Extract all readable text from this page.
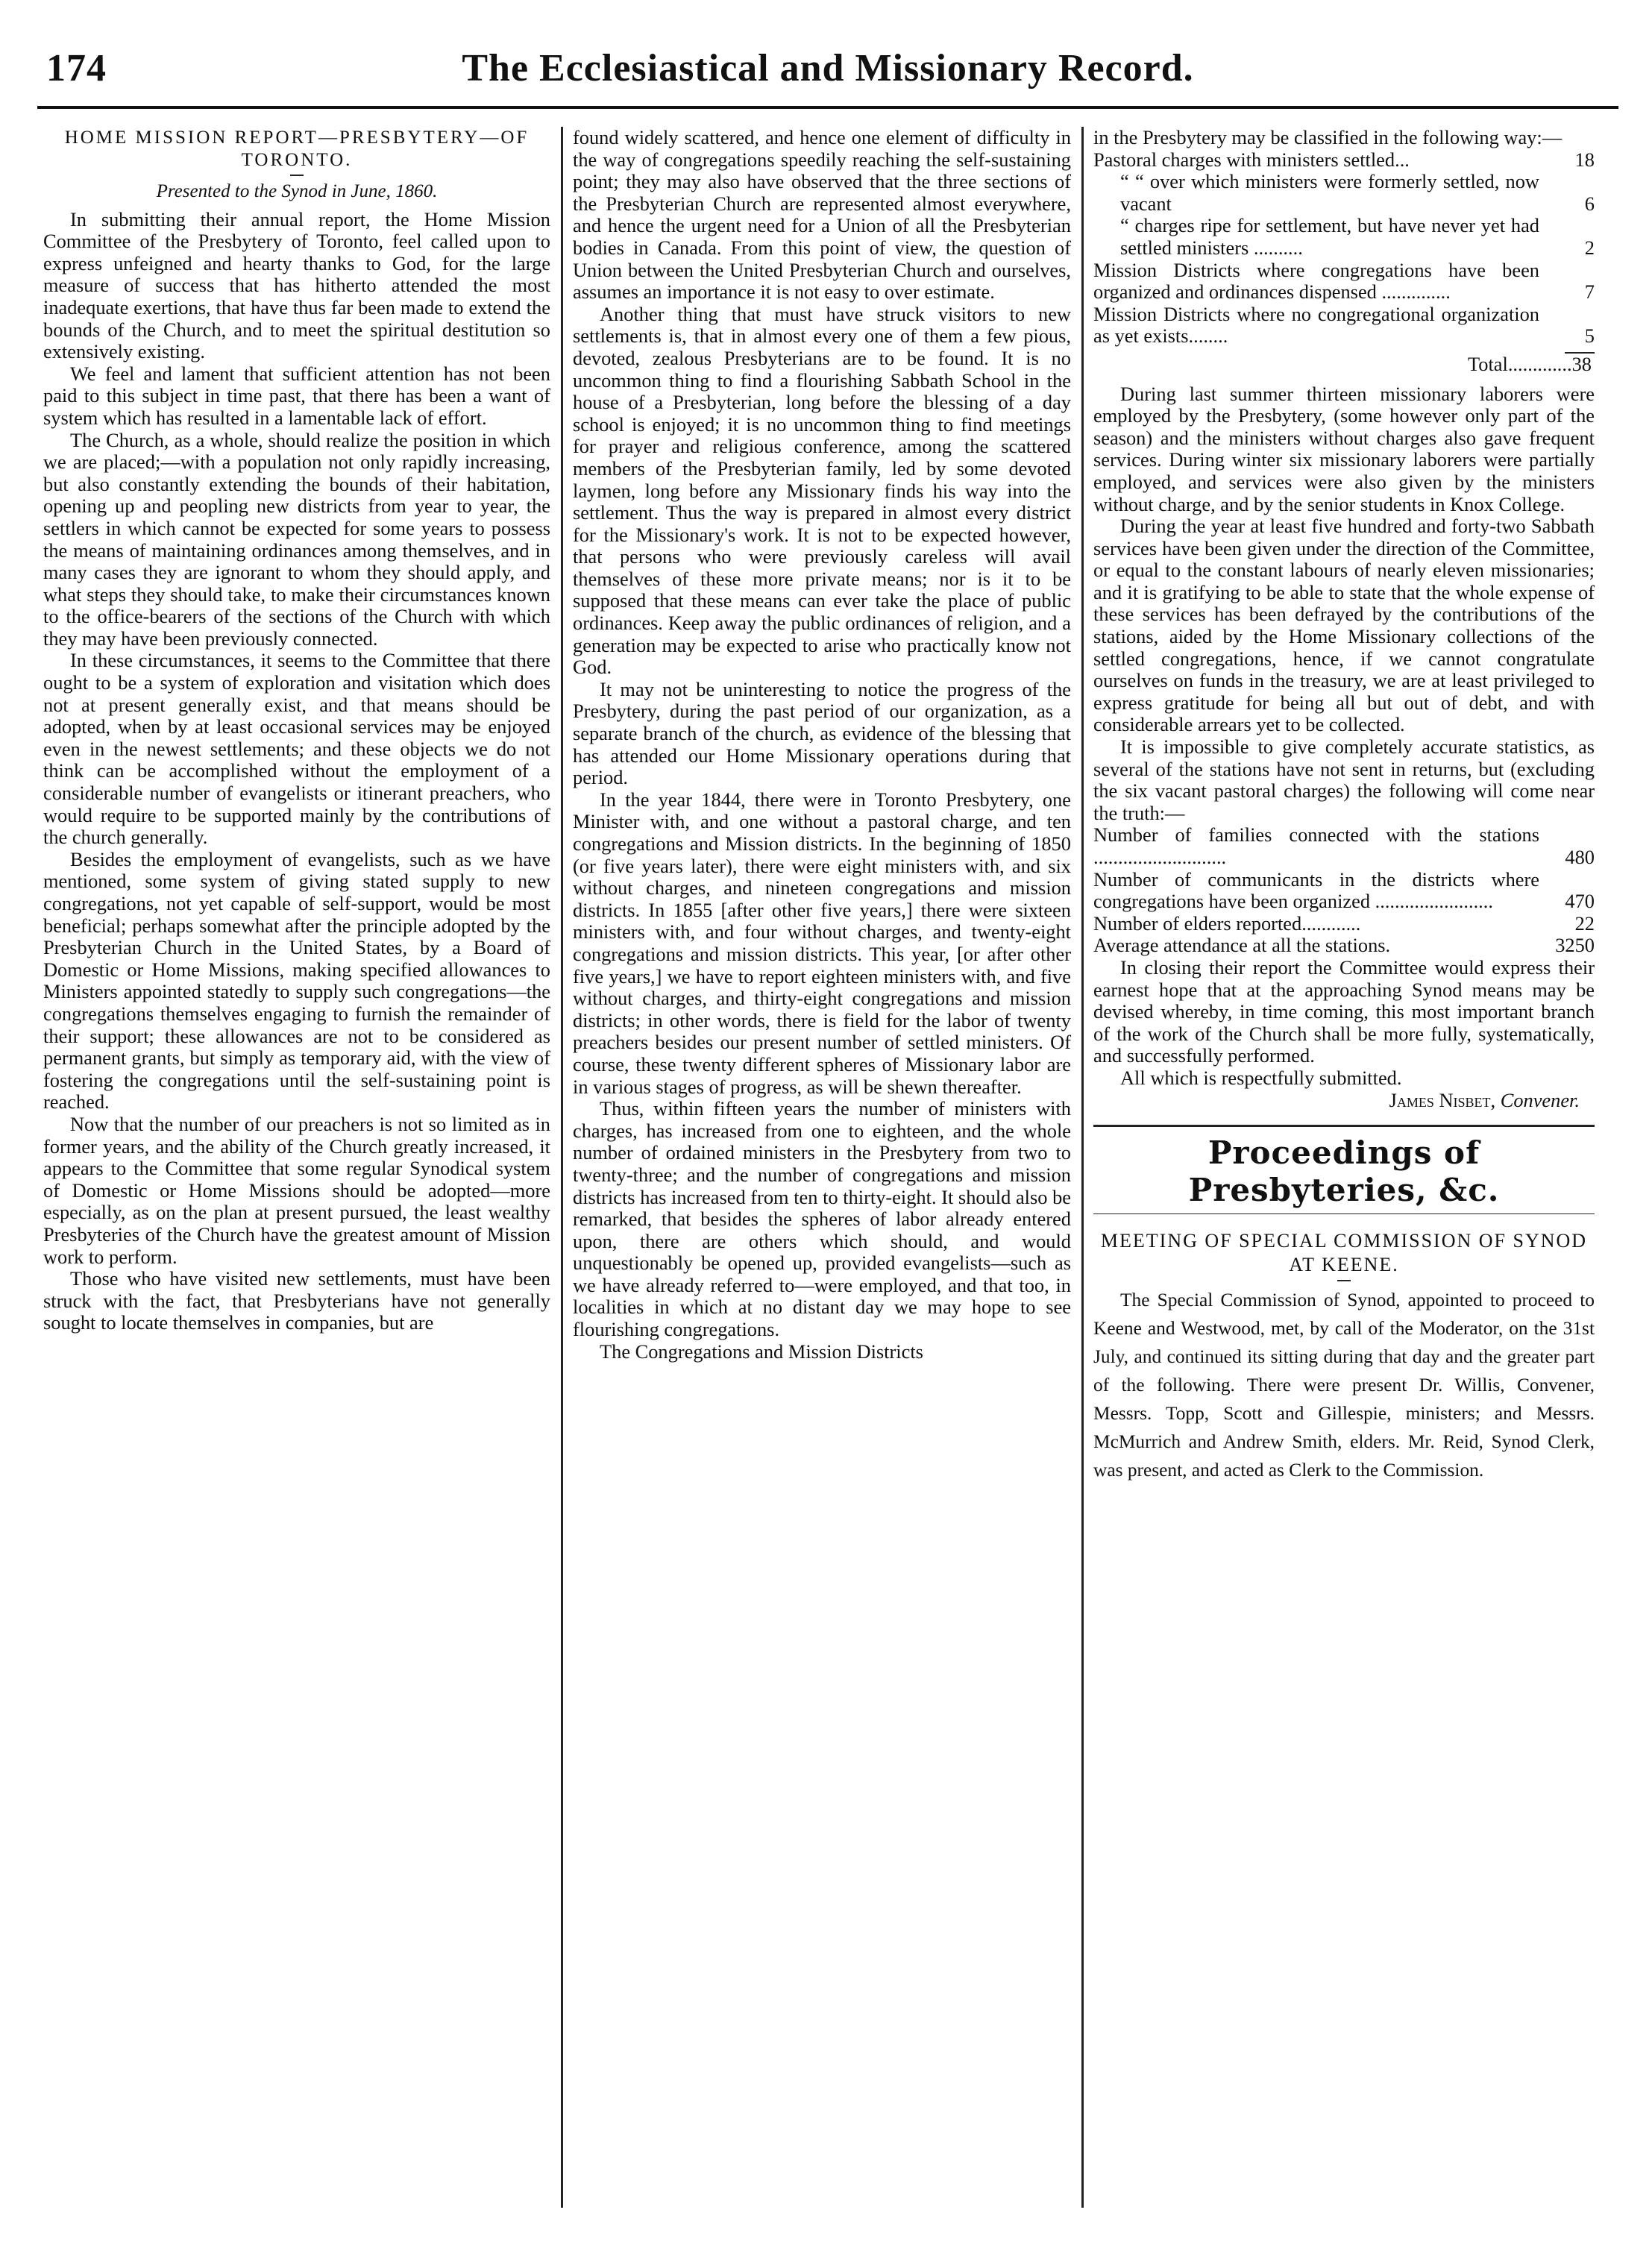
174	The Ecclesiastical and Missionary Record.
HOME MISSION REPORT—PRESBYTERY—OF TORONTO.
Presented to the Synod in June, 1860.

In submitting their annual report, the Home Mission Committee of the Presbytery of Toronto, feel called upon to express unfeigned and hearty thanks to God, for the large measure of success that has hitherto attended the most inadequate exertions, that have thus far been made to extend the bounds of the Church, and to meet the spiritual destitution so extensively existing.

We feel and lament that sufficient attention has not been paid to this subject in time past, that there has been a want of system which has resulted in a lamentable lack of effort.

The Church, as a whole, should realize the position in which we are placed;—with a population not only rapidly increasing, but also constantly extending the bounds of their habitation, opening up and peopling new districts from year to year, the settlers in which cannot be expected for some years to possess the means of maintaining ordinances among themselves, and in many cases they are ignorant to whom they should apply, and what steps they should take, to make their circumstances known to the office-bearers of the sections of the Church with which they may have been previously connected.

In these circumstances, it seems to the Committee that there ought to be a system of exploration and visitation which does not at present generally exist, and that means should be adopted, when by at least occasional services may be enjoyed even in the newest settlements; and these objects we do not think can be accomplished without the employment of a considerable number of evangelists or itinerant preachers, who would require to be supported mainly by the contributions of the church generally.

Besides the employment of evangelists, such as we have mentioned, some system of giving stated supply to new congregations, not yet capable of self-support, would be most beneficial; perhaps somewhat after the principle adopted by the Presbyterian Church in the United States, by a Board of Domestic or Home Missions, making specified allowances to Ministers appointed statedly to supply such congregations—the congregations themselves engaging to furnish the remainder of their support; these allowances are not to be considered as permanent grants, but simply as temporary aid, with the view of fostering the congregations until the self-sustaining point is reached.

Now that the number of our preachers is not so limited as in former years, and the ability of the Church greatly increased, it appears to the Committee that some regular Synodical system of Domestic or Home Missions should be adopted—more especially, as on the plan at present pursued, the least wealthy Presbyteries of the Church have the greatest amount of Mission work to perform.

Those who have visited new settlements, must have been struck with the fact, that Presbyterians have not generally sought to locate themselves in companies, but are

found widely scattered, and hence one element of difficulty in the way of congregations speedily reaching the self-sustaining point; they may also have observed that the three sections of the Presbyterian Church are represented almost everywhere, and hence the urgent need for a Union of all the Presbyterian bodies in Canada. From this point of view, the question of Union between the United Presbyterian Church and ourselves, assumes an importance it is not easy to over estimate.

Another thing that must have struck visitors to new settlements is, that in almost every one of them a few pious, devoted, zealous Presbyterians are to be found. It is no uncommon thing to find a flourishing Sabbath School in the house of a Presbyterian, long before the blessing of a day school is enjoyed; it is no uncommon thing to find meetings for prayer and religious conference, among the scattered members of the Presbyterian family, led by some devoted laymen, long before any Missionary finds his way into the settlement. Thus the way is prepared in almost every district for the Missionary's work. It is not to be expected however, that persons who were previously careless will avail themselves of these more private means; nor is it to be supposed that these means can ever take the place of public ordinances. Keep away the public ordinances of religion, and a generation may be expected to arise who practically know not God.

It may not be uninteresting to notice the progress of the Presbytery, during the past period of our organization, as a separate branch of the church, as evidence of the blessing that has attended our Home Missionary operations during that period.

In the year 1844, there were in Toronto Presbytery, one Minister with, and one without a pastoral charge, and ten congregations and Mission districts. In the beginning of 1850 (or five years later), there were eight ministers with, and six without charges, and nineteen congregations and mission districts. In 1855 [after other five years,] there were sixteen ministers with, and four without charges, and twenty-eight congregations and mission districts. This year, [or after other five years,] we have to report eighteen ministers with, and five without charges, and thirty-eight congregations and mission districts; in other words, there is field for the labor of twenty preachers besides our present number of settled ministers. Of course, these twenty different spheres of Missionary labor are in various stages of progress, as will be shewn thereafter.

Thus, within fifteen years the number of ministers with charges, has increased from one to eighteen, and the whole number of ordained ministers in the Presbytery from two to twenty-three; and the number of congregations and mission districts has increased from ten to thirty-eight. It should also be remarked, that besides the spheres of labor already entered upon, there are others which should, and would unquestionably be opened up, provided evangelists—such as we have already referred to—were employed, and that too, in localities in which at no distant day we may hope to see flourishing congregations.

The Congregations and Mission Districts

in the Presbytery may be classified in the following way:—

Pastoral charges with ministers settled...	18
“ “ over which ministers were formerly settled, now vacant	6
“ charges ripe for settlement, but have never yet had settled ministers ..........	2
Mission Districts where congregations have been organized and ordinances dispensed ..............	7
Mission Districts where no congregational organization as yet exists........	5
Total.............38

During last summer thirteen missionary laborers were employed by the Presbytery, (some however only part of the season) and the ministers without charges also gave frequent services. During winter six missionary laborers were partially employed, and services were also given by the ministers without charge, and by the senior students in Knox College.

During the year at least five hundred and forty-two Sabbath services have been given under the direction of the Committee, or equal to the constant labours of nearly eleven missionaries; and it is gratifying to be able to state that the whole expense of these services has been defrayed by the contributions of the stations, aided by the Home Missionary collections of the settled congregations, hence, if we cannot congratulate ourselves on funds in the treasury, we are at least privileged to express gratitude for being all but out of debt, and with considerable arrears yet to be collected.

It is impossible to give completely accurate statistics, as several of the stations have not sent in returns, but (excluding the six vacant pastoral charges) the following will come near the truth:—

Number of families connected with the stations ...........................	480
Number of communicants in the districts where congregations have been organized ........................	470
Number of elders reported............	22
Average attendance at all the stations.	3250

In closing their report the Committee would express their earnest hope that at the approaching Synod means may be devised whereby, in time coming, this most important branch of the work of the Church shall be more fully, systematically, and successfully performed.

All which is respectfully submitted.

James Nisbet, Convener.
Proceedings of Presbyteries, &c.
MEETING OF SPECIAL COMMISSION OF SYNOD AT KEENE.

The Special Commission of Synod, appointed to proceed to Keene and Westwood, met, by call of the Moderator, on the 31st July, and continued its sitting during that day and the greater part of the following. There were present Dr. Willis, Convener, Messrs. Topp, Scott and Gillespie, ministers; and Messrs. McMurrich and Andrew Smith, elders. Mr. Reid, Synod Clerk, was present, and acted as Clerk to the Commission.
